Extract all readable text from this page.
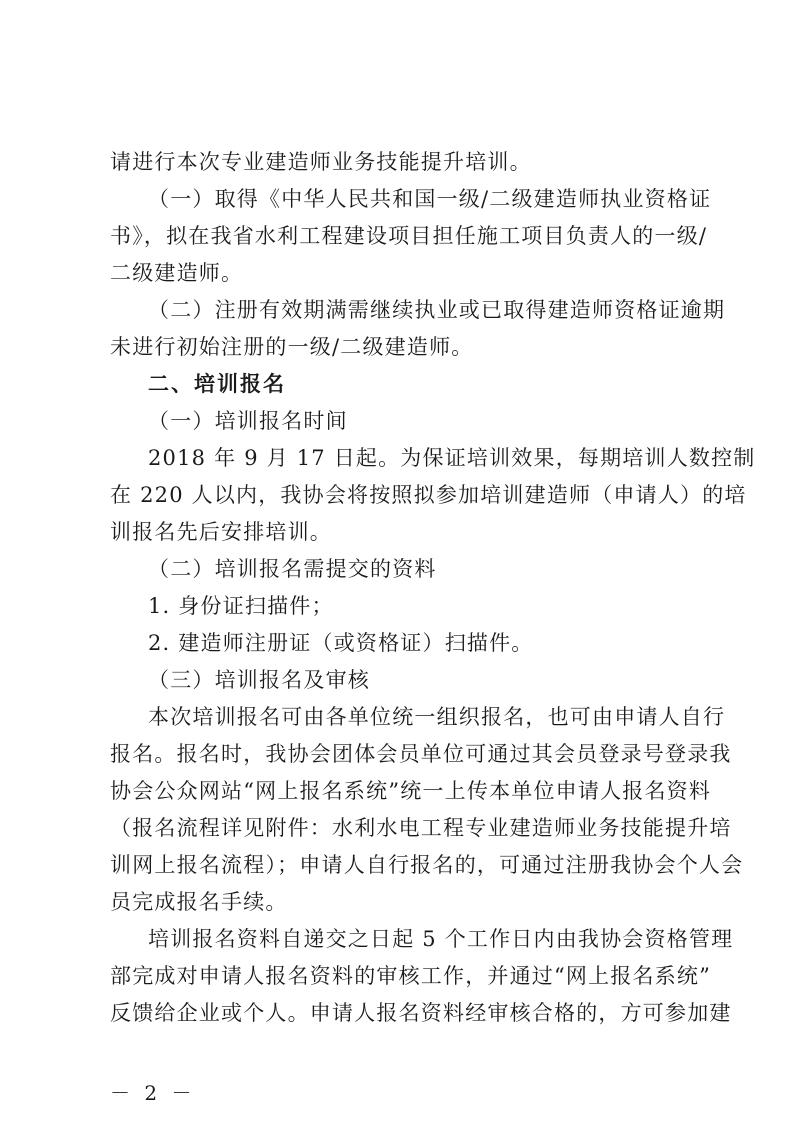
请进行本次专业建造师业务技能提升培训。
（一）取得《中华人民共和国一级/二级建造师执业资格证
书》，拟在我省水利工程建设项目担任施工项目负责人的一级/
二级建造师。
（二）注册有效期满需继续执业或已取得建造师资格证逾期
未进行初始注册的一级/二级建造师。
二、培训报名
（一）培训报名时间
2018 年 9 月 17 日起。为保证培训效果，每期培训人数控制
在 220 人以内，我协会将按照拟参加培训建造师（申请人）的培
训报名先后安排培训。
（二）培训报名需提交的资料
1. 身份证扫描件；
2. 建造师注册证（或资格证）扫描件。
（三）培训报名及审核
本次培训报名可由各单位统一组织报名，也可由申请人自行
报名。报名时，我协会团体会员单位可通过其会员登录号登录我
协会公众网站“网上报名系统”统一上传本单位申请人报名资料
（报名流程详见附件：水利水电工程专业建造师业务技能提升培
训网上报名流程）；申请人自行报名的，可通过注册我协会个人会
员完成报名手续。
培训报名资料自递交之日起 5 个工作日内由我协会资格管理
部完成对申请人报名资料的审核工作，并通过“网上报名系统”
反馈给企业或个人。申请人报名资料经审核合格的，方可参加建
－ 2 －
